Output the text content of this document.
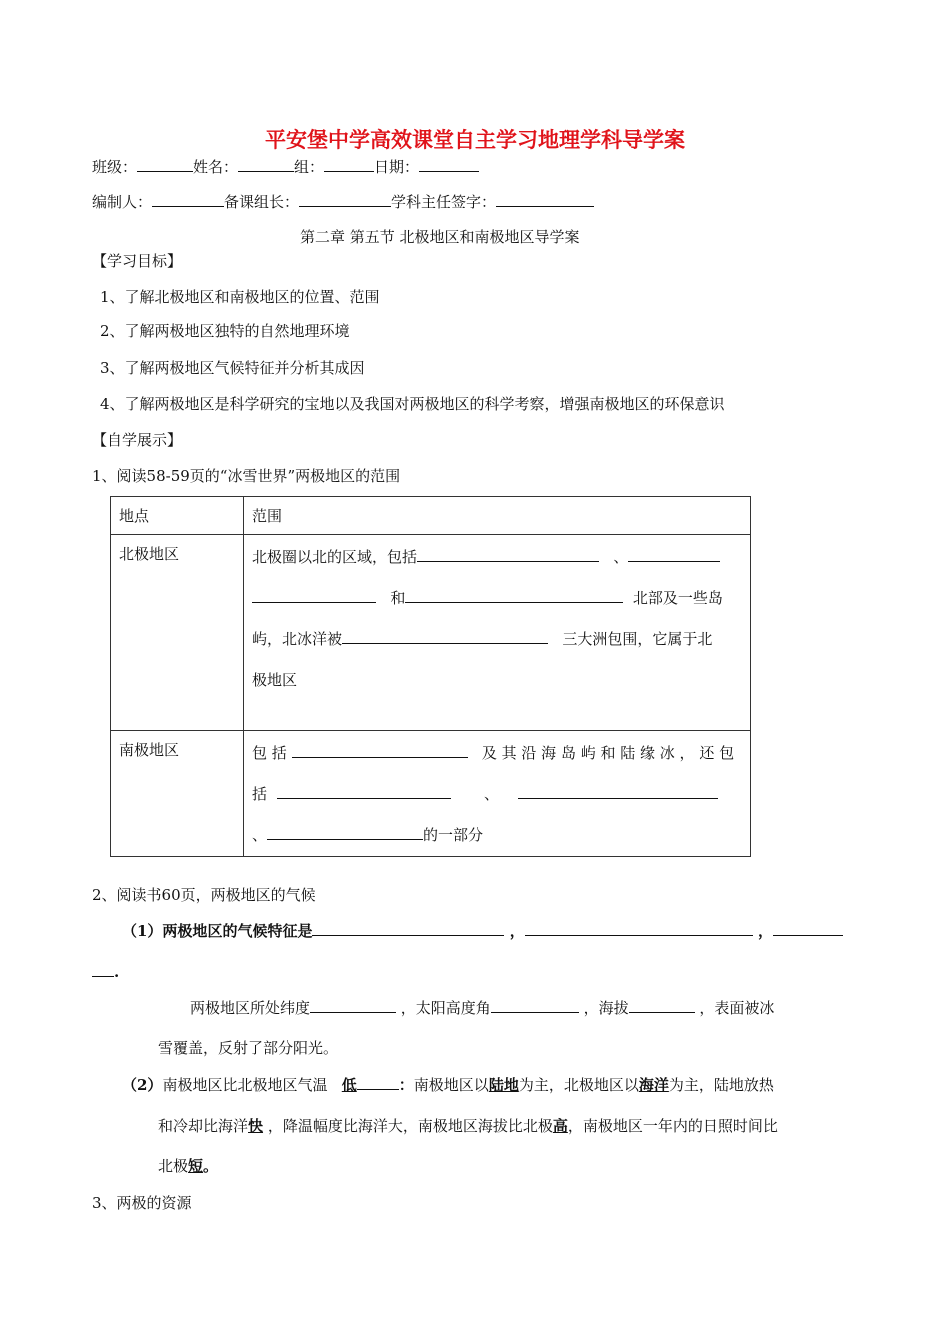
平安堡中学高效课堂自主学习地理学科导学案
班级：	姓名：	组：	日期：
编制人：	备课组长：	学科主任签字：
第二章 第五节 北极地区和南极地区导学案
【学习目标】
1、了解北极地区和南极地区的位置、范围
2、了解两极地区独特的自然地理环境
3、了解两极地区气候特征并分析其成因
4、了解两极地区是科学研究的宝地以及我国对两极地区的科学考察，增强南极地区的环保意识
【自学展示】
1、阅读58-59页的“冰雪世界”两极地区的范围
地点	范围
北极地区	北极圈以北的区域，包括 、
和 北部及一些岛
屿，北冰洋被 三大洲包围，它属于北
极地区

南极地区	包 括 及 其 沿 海 岛 屿 和 陆 缘 冰 ， 还 包
括 、
、 的一部分
2、阅读书60页，两极地区的气候
（1）两极地区的气候特征是	，	，
.
两极地区所处纬度	，太阳高度角	，海拔	，表面被冰
雪覆盖，反射了部分阳光。
（2）南极地区比北极地区气温 低	：南极地区以陆地为主，北极地区以海洋为主，陆地放热
和冷却比海洋快 ，降温幅度比海洋大，南极地区海拔比北极高，南极地区一年内的日照时间比
北极短。
3、两极的资源
